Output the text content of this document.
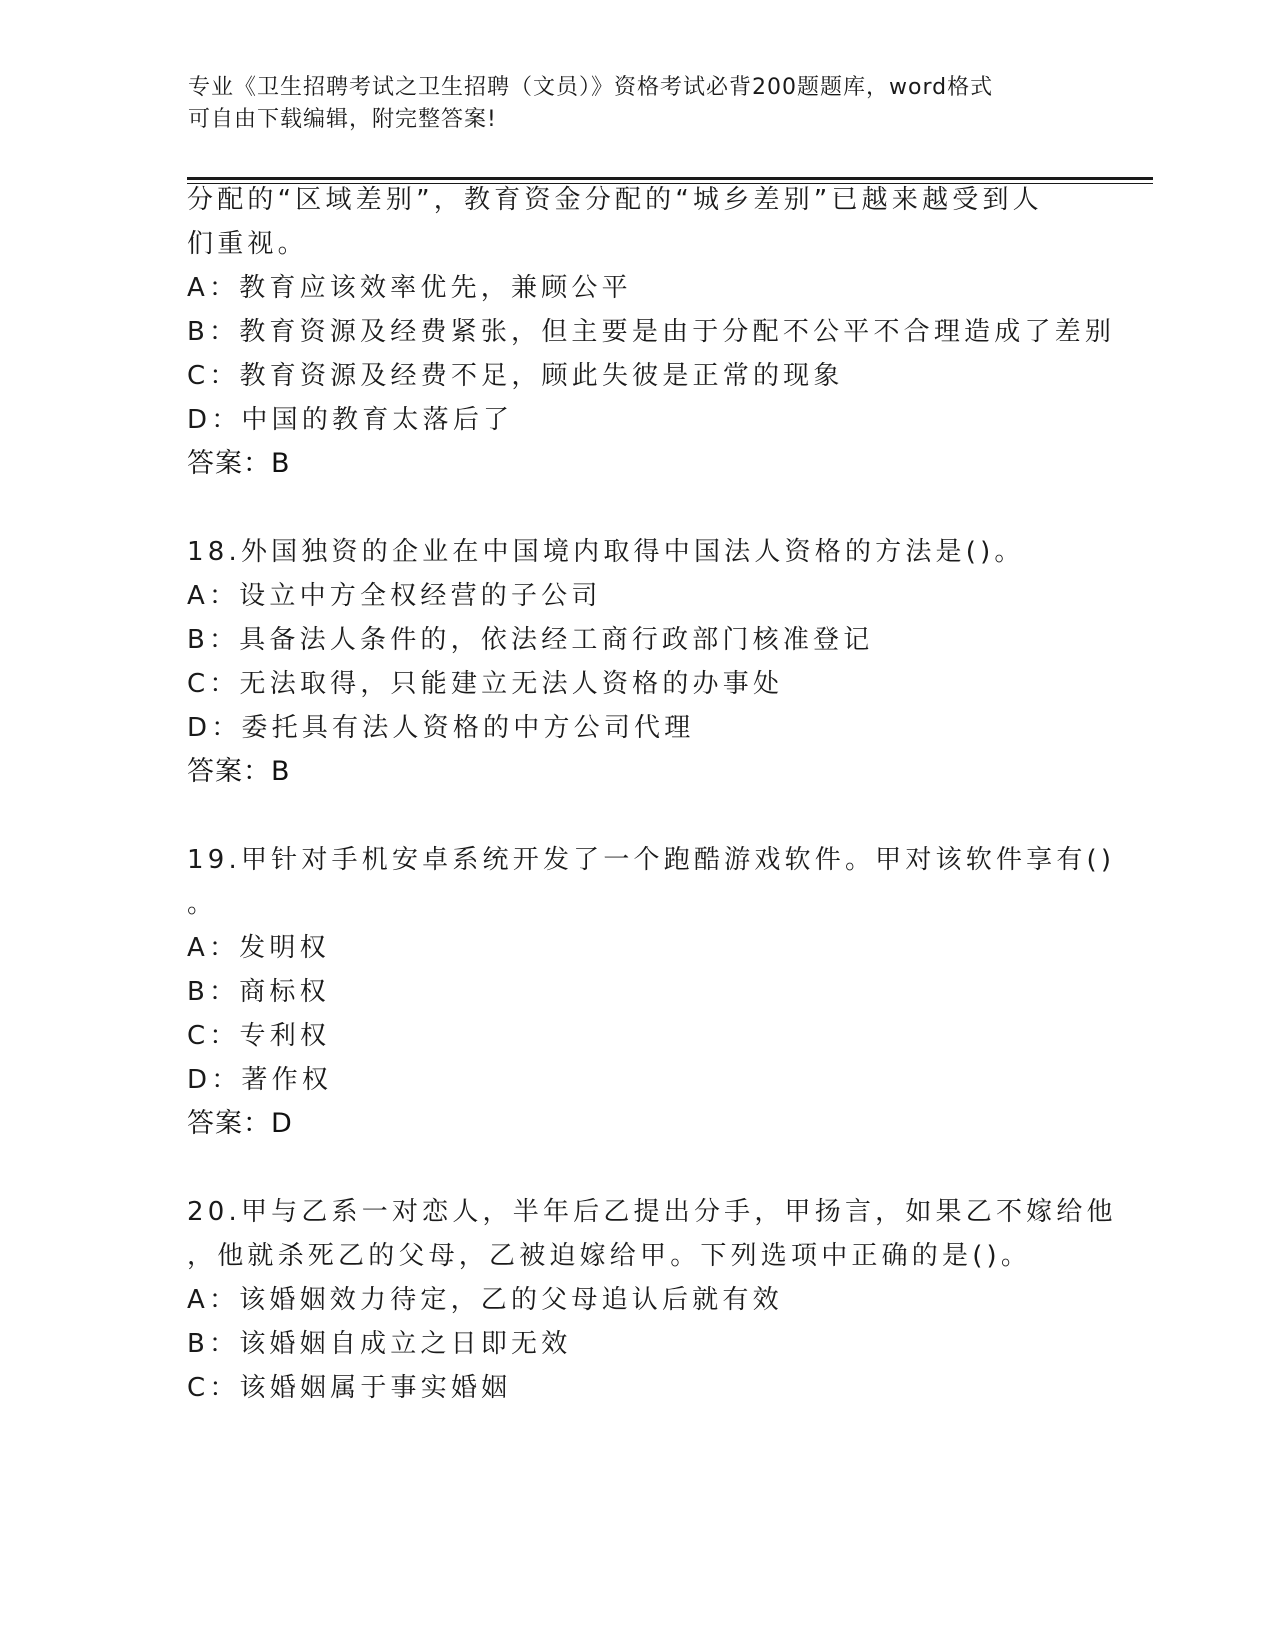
专业《卫生招聘考试之卫生招聘（文员）》资格考试必背200题题库，word格式
可自由下载编辑，附完整答案!
分配的“区域差别”，教育资金分配的“城乡差别”已越来越受到人
们重视。
A：教育应该效率优先，兼顾公平
B：教育资源及经费紧张，但主要是由于分配不公平不合理造成了差别
C：教育资源及经费不足，顾此失彼是正常的现象
D：中国的教育太落后了
答案：B
18.外国独资的企业在中国境内取得中国法人资格的方法是()。
A：设立中方全权经营的子公司
B：具备法人条件的，依法经工商行政部门核准登记
C：无法取得，只能建立无法人资格的办事处
D：委托具有法人资格的中方公司代理
答案：B
19.甲针对手机安卓系统开发了一个跑酷游戏软件。甲对该软件享有()
。
A：发明权
B：商标权
C：专利权
D：著作权
答案：D
20.甲与乙系一对恋人，半年后乙提出分手，甲扬言，如果乙不嫁给他
，他就杀死乙的父母，乙被迫嫁给甲。下列选项中正确的是()。
A：该婚姻效力待定，乙的父母追认后就有效
B：该婚姻自成立之日即无效
C：该婚姻属于事实婚姻
